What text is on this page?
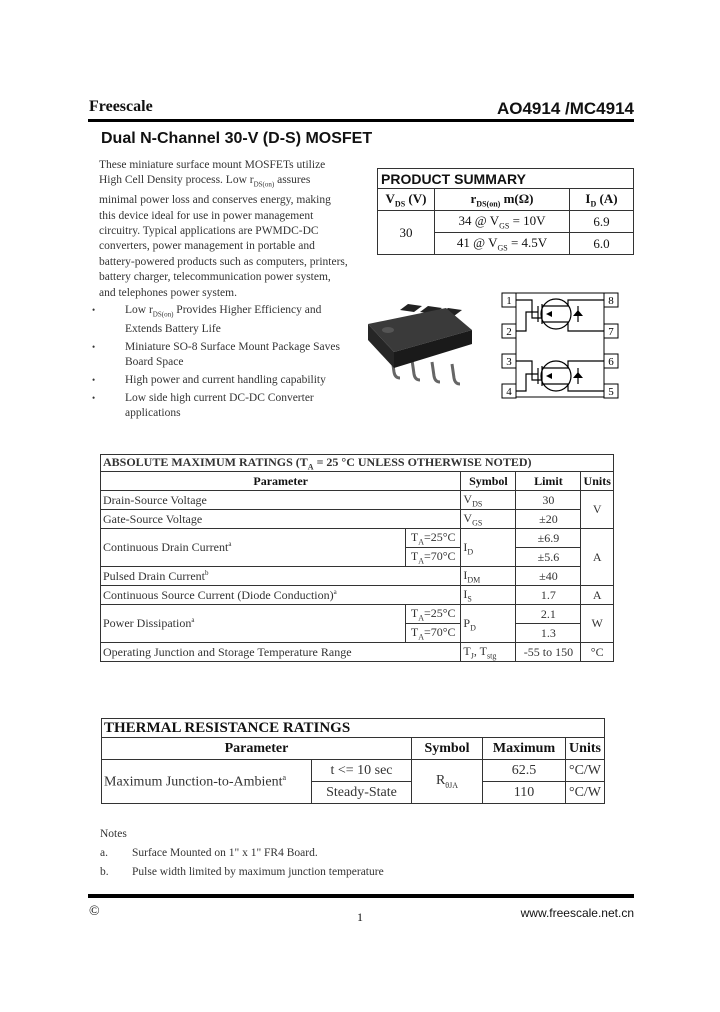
Freescale	AO4914 /MC4914
Dual N-Channel 30-V (D-S) MOSFET
These miniature surface mount MOSFETs utilize High Cell Density process. Low $r_{DS(on)}$ assures minimal power loss and conserves energy, making this device ideal for use in power management circuitry. Typical applications are PWMDC-DC converters, power management in portable and battery-powered products such as computers, printers, battery charger, telecommunication power system, and telephones power system.
•	Low $r_{DS(on)}$ Provides Higher Efficiency and Extends Battery Life
•	Miniature SO-8 Surface Mount Package Saves Board Space
•	High power and current handling capability
•	Low side high current DC-DC Converter applications
PRODUCT SUMMARY		
$V_{DS}$ (V)	$r_{DS(on)}$ m(Ω)	$I_D$ (A)
30	34 @ $V_{GS} = 10V$	6.9
	41 @ $V_{GS} = 4.5V$	6.0
1
2
3
4
8
7
6
5
ABSOLUTE MAXIMUM RATINGS ($T_A = 25$ °C UNLESS OTHERWISE NOTED)				
Parameter		Symbol	Limit	Units
Drain-Source Voltage		$V_{DS}$	30	V
Gate-Source Voltage		$V_{GS}$	±20	
Continuous Drain Current$^a$	$T_A=25^\circ C$	$I_D$	±6.9	A
	$T_A=70^\circ C$		±5.6	
Pulsed Drain Current$^b$		$I_{DM}$	±40	
Continuous Source Current (Diode Conduction)$^a$		$I_S$	1.7	A
Power Dissipation$^a$	$T_A=25^\circ C$	$P_D$	2.1	W
	$T_A=70^\circ C$		1.3	
Operating Junction and Storage Temperature Range		$T_J$, $T_{stg}$	-55 to 150	°C
THERMAL RESISTANCE RATINGS				
Parameter		Symbol	Maximum	Units
Maximum Junction-to-Ambient$^a$	t <= 10 sec	$R_{\theta JA}$	62.5	°C/W
	Steady-State		110	°C/W
Notes
a. Surface Mounted on 1" x 1" FR4 Board.
b. Pulse width limited by maximum junction temperature
©	1	www.freescale.net.cn
